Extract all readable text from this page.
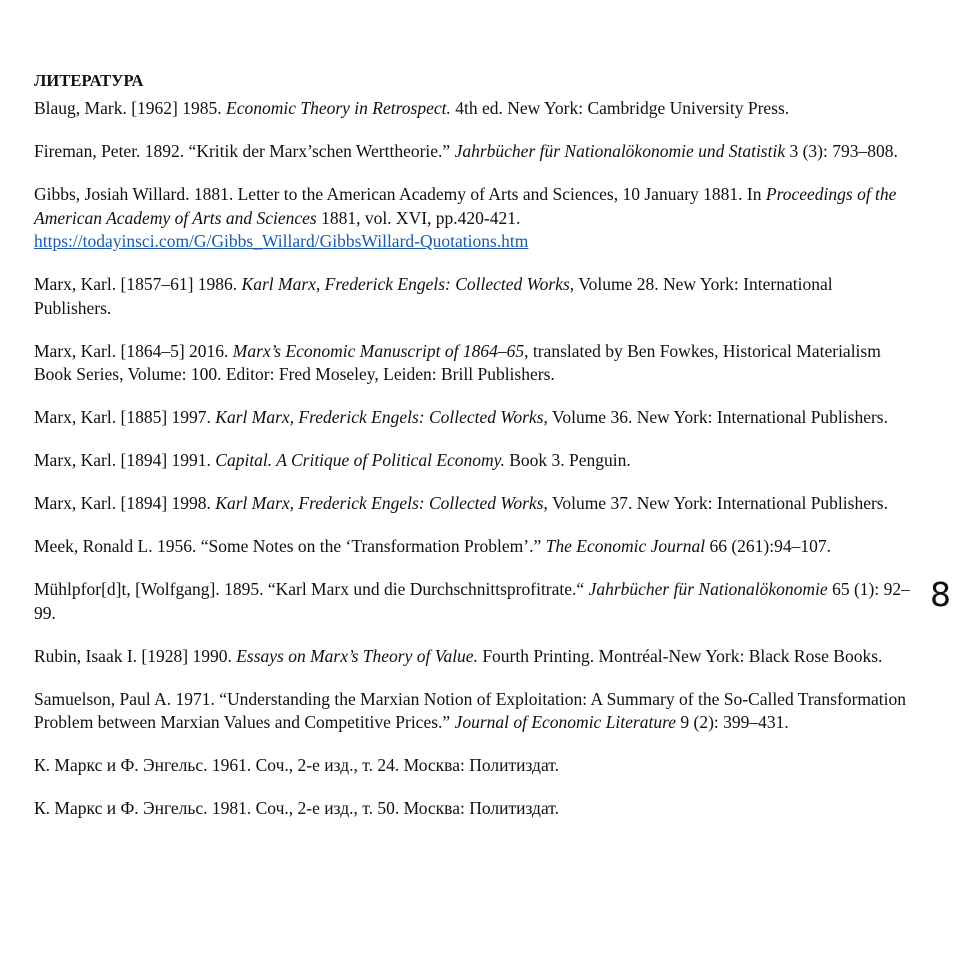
ЛИТЕРАТУРА
Blaug, Mark. [1962] 1985. Economic Theory in Retrospect. 4th ed. New York: Cambridge University Press.
Fireman, Peter. 1892. “Kritik der Marx’schen Werttheorie.” Jahrbücher für Nationalökonomie und Statistik 3 (3): 793–808.
Gibbs, Josiah Willard. 1881. Letter to the American Academy of Arts and Sciences, 10 January 1881. In Proceedings of the American Academy of Arts and Sciences 1881, vol. XVI, pp.420-421.
https://todayinsci.com/G/Gibbs_Willard/GibbsWillard-Quotations.htm
Marx, Karl. [1857–61] 1986. Karl Marx, Frederick Engels: Collected Works, Volume 28. New York: International Publishers.
Marx, Karl. [1864–5] 2016. Marx’s Economic Manuscript of 1864–65, translated by Ben Fowkes, Historical Materialism Book Series, Volume: 100. Editor: Fred Moseley, Leiden: Brill Publishers.
Marx, Karl. [1885] 1997. Karl Marx, Frederick Engels: Collected Works, Volume 36. New York: International Publishers.
Marx, Karl. [1894] 1991. Capital. A Critique of Political Economy. Book 3. Penguin.
Marx, Karl. [1894] 1998. Karl Marx, Frederick Engels: Collected Works, Volume 37. New York: International Publishers.
Meek, Ronald L. 1956. “Some Notes on the ‘Transformation Problem’.” The Economic Journal 66 (261):94–107.
Mühlpfor[d]t, [Wolfgang]. 1895. “Karl Marx und die Durchschnittsprofitrate.“ Jahrbücher für Nationalökonomie 65 (1): 92–99.
Rubin, Isaak I. [1928] 1990. Essays on Marx’s Theory of Value. Fourth Printing. Montréal-New York: Black Rose Books.
Samuelson, Paul A. 1971. “Understanding the Marxian Notion of Exploitation: A Summary of the So-Called Transformation Problem between Marxian Values and Competitive Prices.” Journal of Economic Literature 9 (2): 399–431.
К. Маркс и Ф. Энгельс. 1961. Соч., 2-е изд., т. 24. Москва: Политиздат.
К. Маркс и Ф. Энгельс. 1981. Соч., 2-е изд., т. 50. Москва: Политиздат.
8
